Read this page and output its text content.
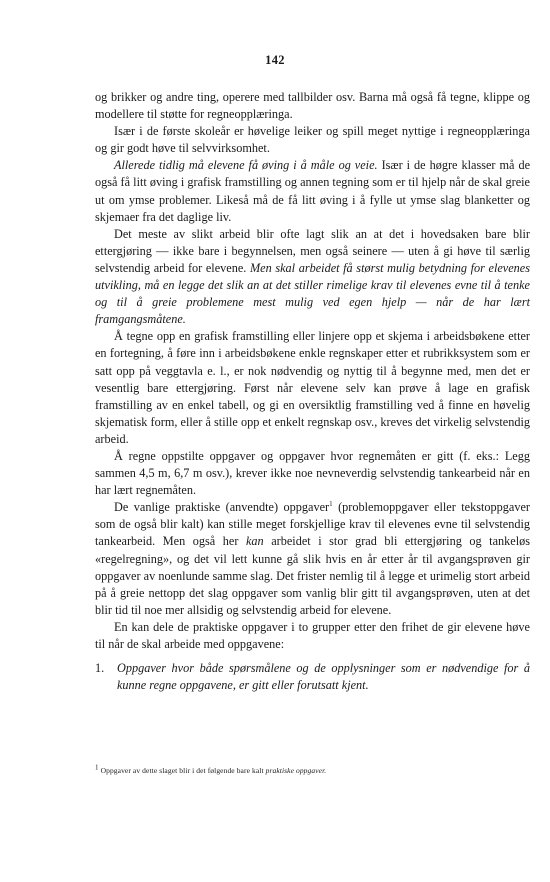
142

og brikker og andre ting, operere med tallbilder osv. Barna må også få tegne, klippe og modellere til støtte for regneopplæringa.

Især i de første skoleår er høvelige leiker og spill meget nyttige i regneopplæringa og gir godt høve til selvvirksomhet.

Allerede tidlig må elevene få øving i å måle og veie. Især i de høgre klasser må de også få litt øving i grafisk framstilling og annen tegning som er til hjelp når de skal greie ut om ymse problemer. Likeså må de få litt øving i å fylle ut ymse slag blanketter og skjemaer fra det daglige liv.

Det meste av slikt arbeid blir ofte lagt slik an at det i hovedsaken bare blir ettergjøring — ikke bare i begynnelsen, men også seinere — uten å gi høve til særlig selvstendig arbeid for elevene. Men skal arbeidet få størst mulig betydning for elevenes utvikling, må en legge det slik an at det stiller rimelige krav til elevenes evne til å tenke og til å greie problemene mest mulig ved egen hjelp — når de har lært framgangsmåtene.

Å tegne opp en grafisk framstilling eller linjere opp et skjema i arbeidsbøkene etter en fortegning, å føre inn i arbeidsbøkene enkle regnskaper etter et rubrikksystem som er satt opp på veggtavla e. l., er nok nødvendig og nyttig til å begynne med, men det er vesentlig bare ettergjøring. Først når elevene selv kan prøve å lage en grafisk framstilling av en enkel tabell, og gi en oversiktlig framstilling ved å finne en høvelig skjematisk form, eller å stille opp et enkelt regnskap osv., kreves det virkelig selvstendig arbeid.

Å regne oppstilte oppgaver og oppgaver hvor regnemåten er gitt (f. eks.: Legg sammen 4,5 m, 6,7 m osv.), krever ikke noe nevneverdig selvstendig tankearbeid når en har lært regnemåten.

De vanlige praktiske (anvendte) oppgaver$^1$ (problemoppgaver eller tekstoppgaver som de også blir kalt) kan stille meget forskjellige krav til elevenes evne til selvstendig tankearbeid. Men også her kan arbeidet i stor grad bli ettergjøring og tankeløs «regelregning», og det vil lett kunne gå slik hvis en år etter år til avgangsprøven gir oppgaver av noenlunde samme slag. Det frister nemlig til å legge et urimelig stort arbeid på å greie nettopp det slag oppgaver som vanlig blir gitt til avgangsprøven, uten at det blir tid til noe mer allsidig og selvstendig arbeid for elevene.

En kan dele de praktiske oppgaver i to grupper etter den frihet de gir elevene høve til når de skal arbeide med oppgavene:

1.	Oppgaver hvor både spørsmålene og de opplysninger som er nødvendige for å kunne regne oppgavene, er gitt eller forutsatt kjent.
$^1$ Oppgaver av dette slaget blir i det følgende bare kalt praktiske oppgaver.
